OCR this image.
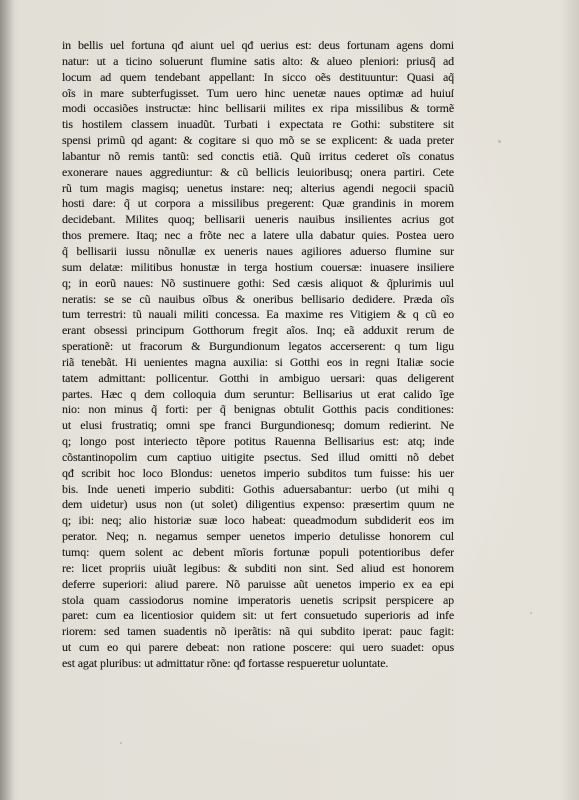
in bellis uel fortuna qđ aiunt uel qđ uerius est: deus fortunam agens domi
natur: ut a ticino soluerunt flumine satis alto: & alueo pleniori: priusq̃ ad
locum ad quem tendebant appellant: In sicco oẽs destituuntur: Quasi aq̃
oĩs in mare subterfugisset. Tum uero hinc uenetæ naues optimæ ad huiuſ
modi occasiões instructæ: hinc bellisarii milites ex ripa missilibus & tormẽ
tis hostilem classem inuadũt. Turbati i expectata re Gothi: substitere sit
spensi primũ qd agant: & cogitare si quo mõ se se explicent: & uada preter
labantur nõ remis tantũ: sed conctis etiã. Quũ irritus cederet oĩs conatus
exonerare naues aggrediuntur: & cũ bellicis leuioribusq; onera partiri. Cete
rũ tum magis magisq; uenetus instare: neq; alterius agendi negocii spaciũ
hosti dare: q̃ ut corpora a missilibus pregerent: Quæ grandinis in morem
decidebant. Milites quoq; bellisarii ueneris nauibus insilientes acrius got
thos premere. Itaq; nec a frõte nec a latere ulla dabatur quies. Postea uero
q̃ bellisarii iussu nõnullæ ex ueneris naues agiliores aduerso flumine sur
sum delatæ: militibus honustæ in terga hostium couersæ: inuasere insiliere
q; in eorũ naues: Nõ sustinuere gothi: Sed cæsis aliquot & q̃plurimis uul
neratis: se se cũ nauibus oĩbus & oneribus bellisario dedidere. Præda oĩs
tum terrestri: tũ nauali militi concessa. Ea maxime res Vitigiem & q cũ eo
erant obsessi principum Gotthorum fregit aĩos. Inq; eã adduxit rerum de
sperationẽ: ut fracorum & Burgundionum legatos accerserent: q tum ligu
riã tenebãt. Hi uenientes magna auxilia: si Gotthi eos in regni Italiæ socie
tatem admittant: pollicentur. Gotthi in ambiguo uersari: quas deligerent
partes. Hæc q dem colloquia dum seruntur: Bellisarius ut erat calido ĩge
nio: non minus q̃ forti: per q̃ benignas obtulit Gotthis pacis conditiones:
ut elusi frustratiq; omni spe franci Burgundionesq; domum redierint. Ne
q; longo post interiecto tẽpore potitus Rauenna Bellisarius est: atq; inde
cõstantinopolim cum captiuo uitigite psectus. Sed illud omitti nõ debet
qđ scribit hoc loco Blondus: uenetos imperio subditos tum fuisse: his uer
bis. Inde ueneti imperio subditi: Gothis aduersabantur: uerbo (ut mihi q
dem uidetur) usus non (ut solet) diligentius expenso: præsertim quum ne
q; ibi: neq; alio historiæ suæ loco habeat: queadmodum subdiderit eos im
perator. Neq; n. negamus semper uenetos imperio detulisse honorem cul
tumq: quem solent ac debent mĩoris fortunæ populi potentioribus defer
re: licet propriis uiuãt legibus: & subditi non sint. Sed aliud est honorem
deferre superiori: aliud parere. Nõ paruisse aũt uenetos imperio ex ea epi
stola quam cassiodorus nomine imperatoris uenetis scripsit perspicere ap
paret: cum ea licentiosior quidem sit: ut fert consuetudo superioris ad infe
riorem: sed tamen suadentis nõ iperãtis: nã qui subdito iperat: pauc fagit:
ut cum eo qui parere debeat: non ratione poscere: qui uero suadet: opus
est agat pluribus: ut admittatur rõne: qđ fortasse respueretur uoluntate.
